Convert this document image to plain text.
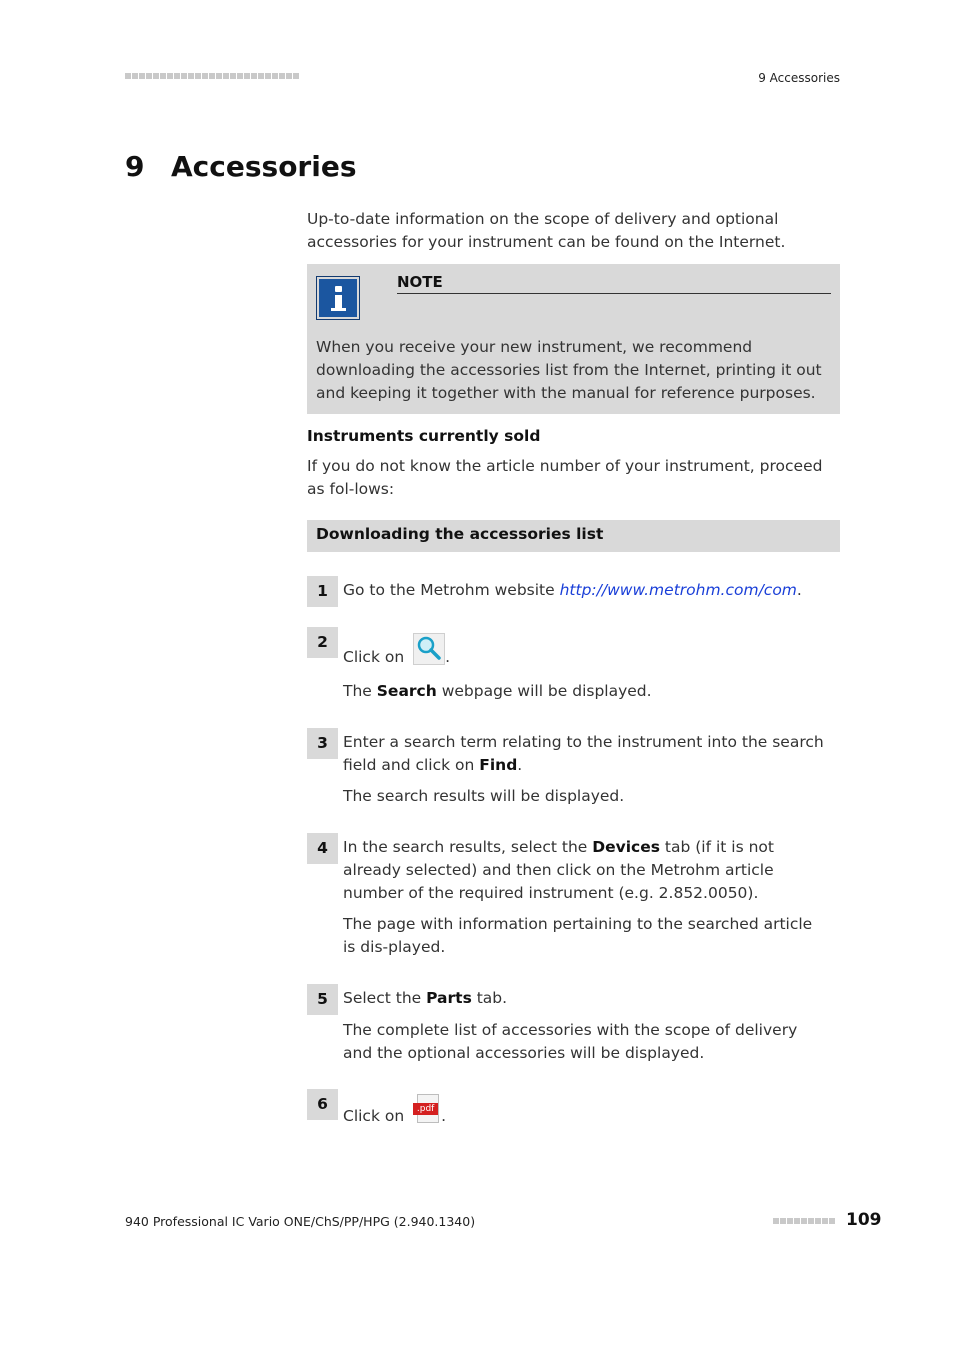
9 Accessories
9 Accessories
Up-to-date information on the scope of delivery and optional accessories for your instrument can be found on the Internet.
NOTE
When you receive your new instrument, we recommend downloading the accessories list from the Internet, printing it out and keeping it together with the manual for reference purposes.
Instruments currently sold
If you do not know the article number of your instrument, proceed as fol-lows:
Downloading the accessories list
1 Go to the Metrohm website http://www.metrohm.com/com.
2
Click on
.
The Search webpage will be displayed.
3 Enter a search term relating to the instrument into the search field and click on Find.
The search results will be displayed.
4 In the search results, select the Devices tab (if it is not already selected) and then click on the Metrohm article number of the required instrument (e.g. 2.852.0050).
The page with information pertaining to the searched article is dis-played.
5 Select the Parts tab.
The complete list of accessories with the scope of delivery and the optional accessories will be displayed.
6
Click on .pdf .
940 Professional IC Vario ONE/ChS/PP/HPG (2.940.1340)	109
